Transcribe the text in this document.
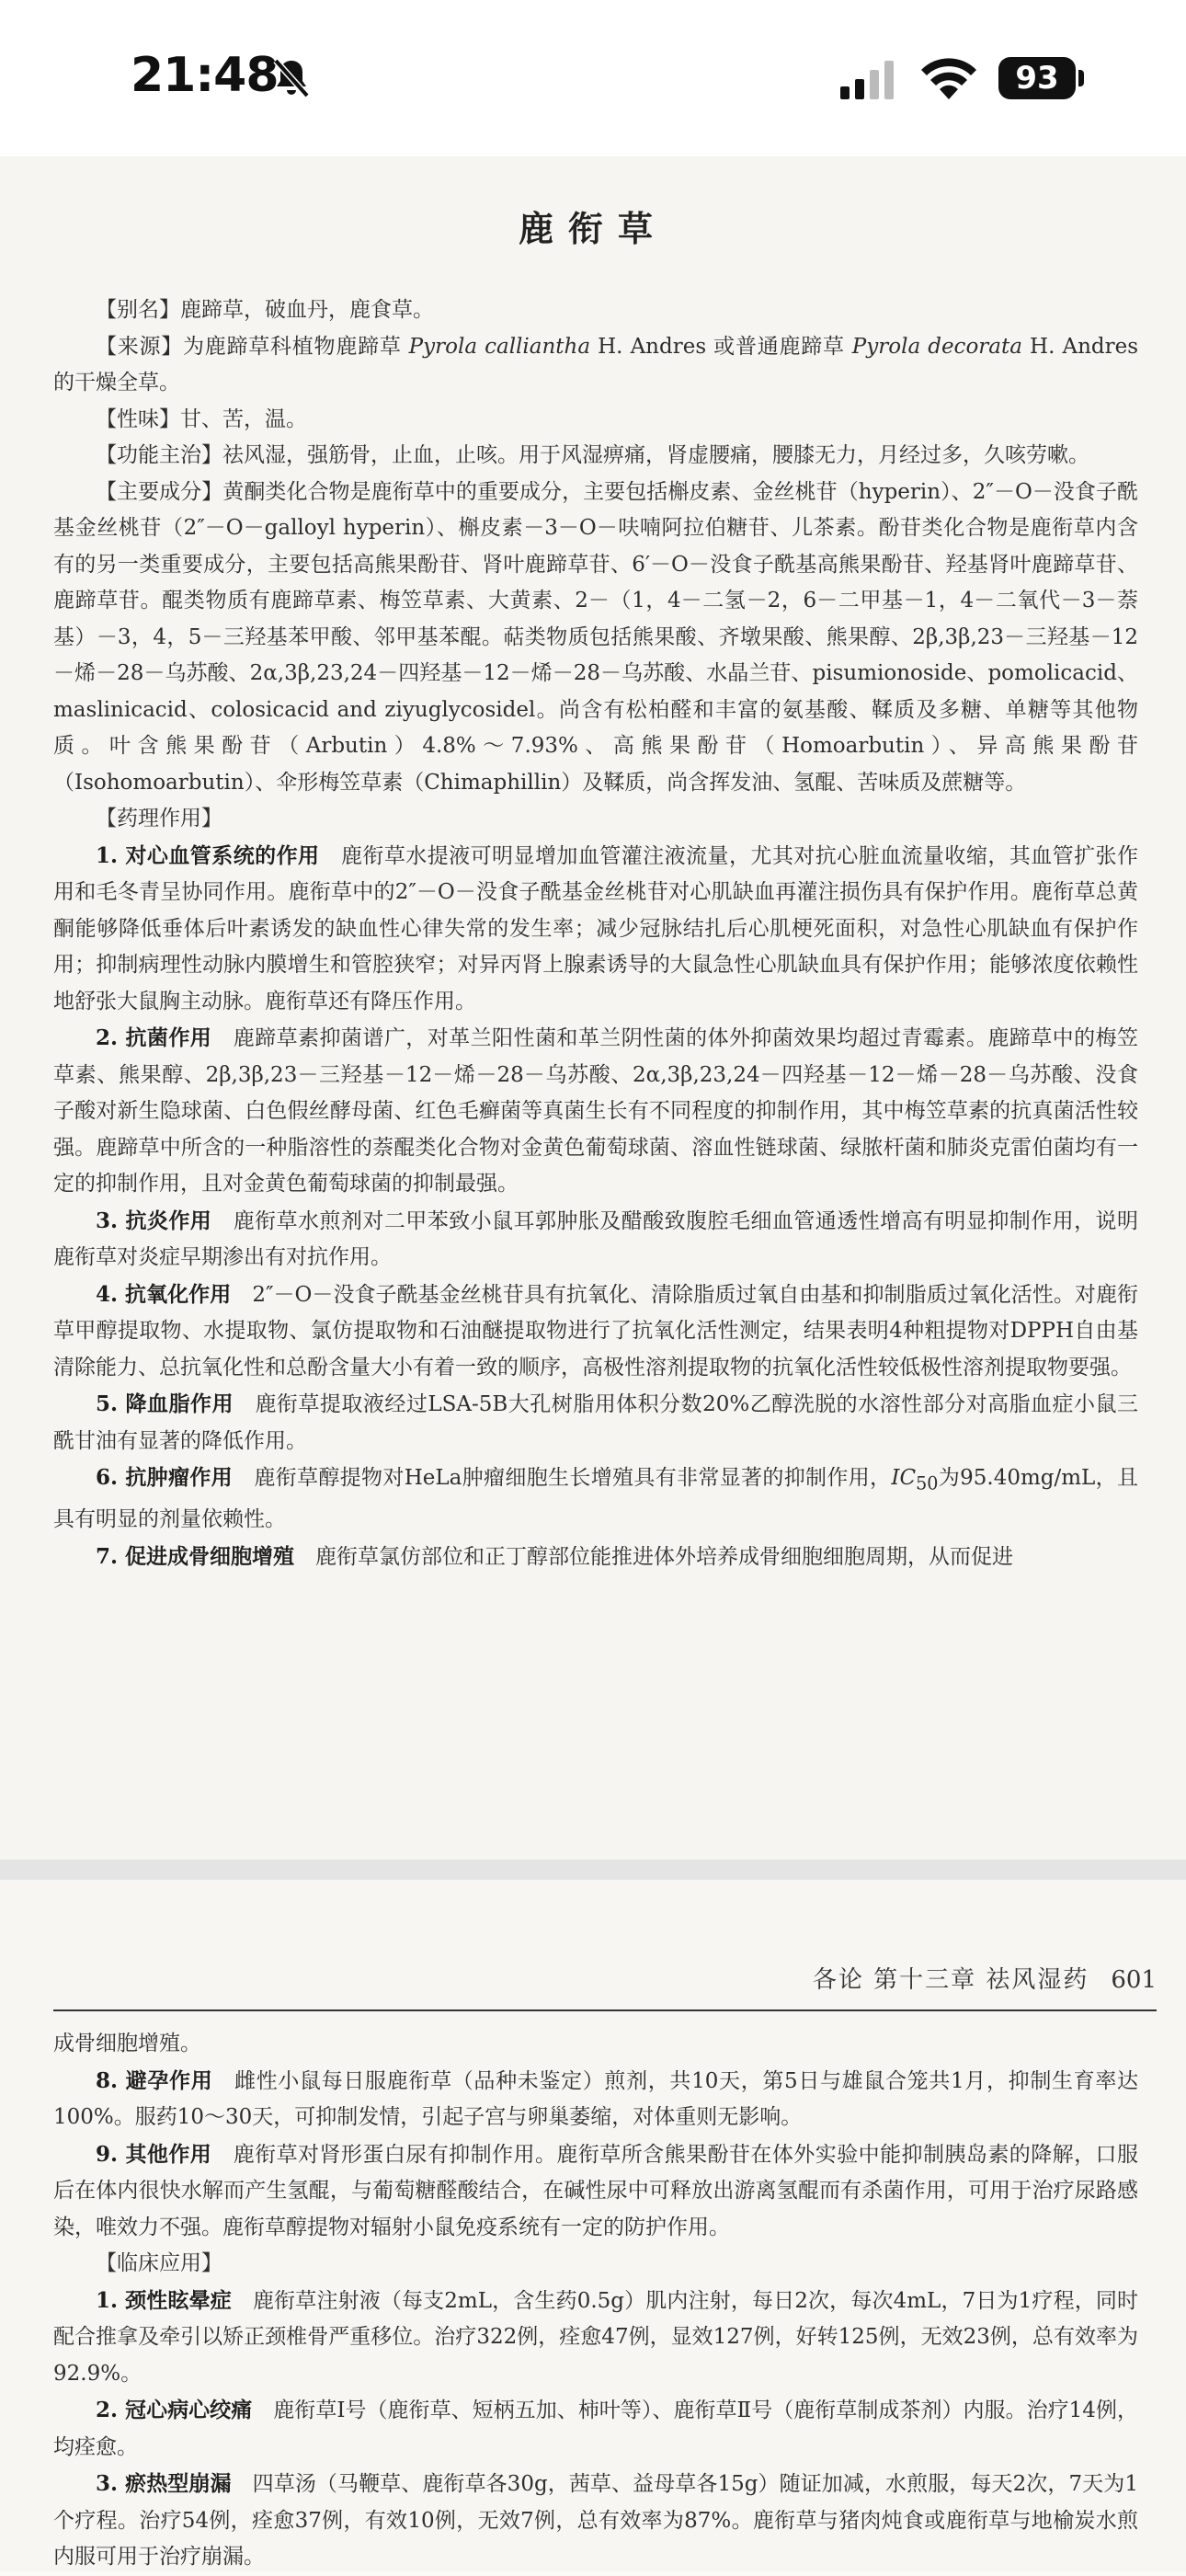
21:48	93
鹿衔草

【别名】鹿蹄草，破血丹，鹿食草。

【来源】为鹿蹄草科植物鹿蹄草 Pyrola calliantha H. Andres 或普通鹿蹄草 Pyrola decorata H. Andres 的干燥全草。

【性味】甘、苦，温。

【功能主治】祛风湿，强筋骨，止血，止咳。用于风湿痹痛，肾虚腰痛，腰膝无力，月经过多，久咳劳嗽。

【主要成分】黄酮类化合物是鹿衔草中的重要成分，主要包括槲皮素、金丝桃苷（hyperin）、2″－O－没食子酰基金丝桃苷（2″－O－galloyl hyperin）、槲皮素－3－O－呋喃阿拉伯糖苷、儿茶素。酚苷类化合物是鹿衔草内含有的另一类重要成分，主要包括高熊果酚苷、肾叶鹿蹄草苷、6′－O－没食子酰基高熊果酚苷、羟基肾叶鹿蹄草苷、鹿蹄草苷。醌类物质有鹿蹄草素、梅笠草素、大黄素、2－（1，4－二氢－2，6－二甲基－1，4－二氧代－3－萘基）－3，4，5－三羟基苯甲酸、邻甲基苯醌。萜类物质包括熊果酸、齐墩果酸、熊果醇、2β,3β,23－三羟基－12－烯－28－乌苏酸、2α,3β,23,24－四羟基－12－烯－28－乌苏酸、水晶兰苷、pisumionoside、pomolicacid、maslinicacid、colosicacid and ziyuglycosidel。尚含有松柏醛和丰富的氨基酸、鞣质及多糖、单糖等其他物质。叶含熊果酚苷（Arbutin）4.8%～7.93%、高熊果酚苷（Homoarbutin）、异高熊果酚苷（Isohomoarbutin）、伞形梅笠草素（Chimaphillin）及鞣质，尚含挥发油、氢醌、苦味质及蔗糖等。

【药理作用】

1. 对心血管系统的作用　 鹿衔草水提液可明显增加血管灌注液流量，尤其对抗心脏血流量收缩，其血管扩张作用和毛冬青呈协同作用。鹿衔草中的2″－O－没食子酰基金丝桃苷对心肌缺血再灌注损伤具有保护作用。鹿衔草总黄酮能够降低垂体后叶素诱发的缺血性心律失常的发生率；减少冠脉结扎后心肌梗死面积，对急性心肌缺血有保护作用；抑制病理性动脉内膜增生和管腔狭窄；对异丙肾上腺素诱导的大鼠急性心肌缺血具有保护作用；能够浓度依赖性地舒张大鼠胸主动脉。鹿衔草还有降压作用。

2. 抗菌作用　 鹿蹄草素抑菌谱广，对革兰阳性菌和革兰阴性菌的体外抑菌效果均超过青霉素。鹿蹄草中的梅笠草素、熊果醇、2β,3β,23－三羟基－12－烯－28－乌苏酸、2α,3β,23,24－四羟基－12－烯－28－乌苏酸、没食子酸对新生隐球菌、白色假丝酵母菌、红色毛癣菌等真菌生长有不同程度的抑制作用，其中梅笠草素的抗真菌活性较强。鹿蹄草中所含的一种脂溶性的萘醌类化合物对金黄色葡萄球菌、溶血性链球菌、绿脓杆菌和肺炎克雷伯菌均有一定的抑制作用，且对金黄色葡萄球菌的抑制最强。

3. 抗炎作用　 鹿衔草水煎剂对二甲苯致小鼠耳郭肿胀及醋酸致腹腔毛细血管通透性增高有明显抑制作用，说明鹿衔草对炎症早期渗出有对抗作用。

4. 抗氧化作用　 2″－O－没食子酰基金丝桃苷具有抗氧化、清除脂质过氧自由基和抑制脂质过氧化活性。对鹿衔草甲醇提取物、水提取物、氯仿提取物和石油醚提取物进行了抗氧化活性测定，结果表明4种粗提物对DPPH自由基清除能力、总抗氧化性和总酚含量大小有着一致的顺序，高极性溶剂提取物的抗氧化活性较低极性溶剂提取物要强。

5. 降血脂作用　 鹿衔草提取液经过LSA-5B大孔树脂用体积分数20%乙醇洗脱的水溶性部分对高脂血症小鼠三酰甘油有显著的降低作用。

6. 抗肿瘤作用　 鹿衔草醇提物对HeLa肿瘤细胞生长增殖具有非常显著的抑制作用，$IC_{50}$为95.40mg/mL，且具有明显的剂量依赖性。

7. 促进成骨细胞增殖　 鹿衔草氯仿部位和正丁醇部位能推进体外培养成骨细胞细胞周期，从而促进

各论 第十三章 祛风湿药 601

成骨细胞增殖。

8. 避孕作用　 雌性小鼠每日服鹿衔草（品种未鉴定）煎剂，共10天，第5日与雄鼠合笼共1月，抑制生育率达100%。服药10～30天，可抑制发情，引起子宫与卵巢萎缩，对体重则无影响。

9. 其他作用　 鹿衔草对肾形蛋白尿有抑制作用。鹿衔草所含熊果酚苷在体外实验中能抑制胰岛素的降解，口服后在体内很快水解而产生氢醌，与葡萄糖醛酸结合，在碱性尿中可释放出游离氢醌而有杀菌作用，可用于治疗尿路感染，唯效力不强。鹿衔草醇提物对辐射小鼠免疫系统有一定的防护作用。

【临床应用】

1. 颈性眩晕症　 鹿衔草注射液（每支2mL，含生药0.5g）肌内注射，每日2次，每次4mL，7日为1疗程，同时配合推拿及牵引以矫正颈椎骨严重移位。治疗322例，痊愈47例，显效127例，好转125例，无效23例，总有效率为92.9%。

2. 冠心病心绞痛　 鹿衔草Ⅰ号（鹿衔草、短柄五加、柿叶等）、鹿衔草Ⅱ号（鹿衔草制成茶剂）内服。治疗14例，均痊愈。

3. 瘀热型崩漏　 四草汤（马鞭草、鹿衔草各30g，茜草、益母草各15g）随证加减，水煎服，每天2次，7天为1个疗程。治疗54例，痊愈37例，有效10例，无效7例，总有效率为87%。鹿衔草与猪肉炖食或鹿衔草与地榆炭水煎内服可用于治疗崩漏。
